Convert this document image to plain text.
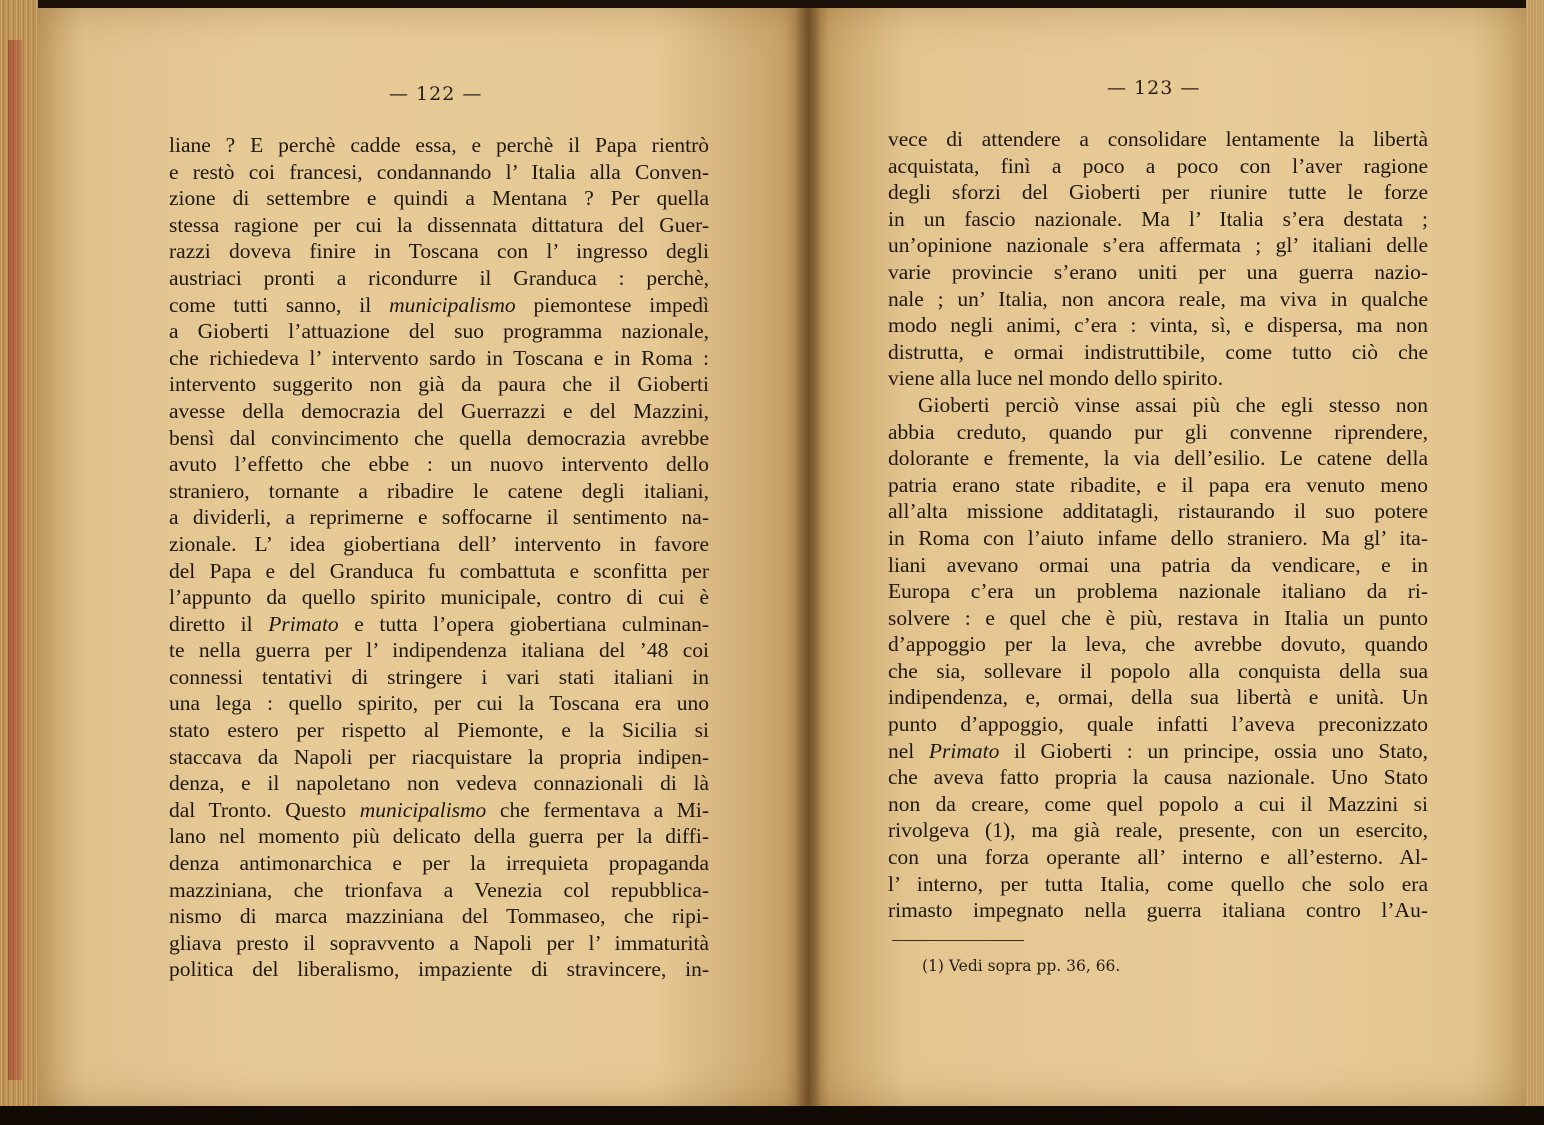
— 122 —
liane ? E perchè cadde essa, e perchè il Papa rientrò
e restò coi francesi, condannando l’ Italia alla Conven-
zione di settembre e quindi a Mentana ? Per quella
stessa ragione per cui la dissennata dittatura del Guer-
razzi doveva finire in Toscana con l’ ingresso degli
austriaci pronti a ricondurre il Granduca : perchè,
come tutti sanno, il municipalismo piemontese impedì
a Gioberti l’attuazione del suo programma nazionale,
che richiedeva l’ intervento sardo in Toscana e in Roma :
intervento suggerito non già da paura che il Gioberti
avesse della democrazia del Guerrazzi e del Mazzini,
bensì dal convincimento che quella democrazia avrebbe
avuto l’effetto che ebbe : un nuovo intervento dello
straniero, tornante a ribadire le catene degli italiani,
a dividerli, a reprimerne e soffocarne il sentimento na-
zionale. L’ idea giobertiana dell’ intervento in favore
del Papa e del Granduca fu combattuta e sconfitta per
l’appunto da quello spirito municipale, contro di cui è
diretto il Primato e tutta l’opera giobertiana culminan-
te nella guerra per l’ indipendenza italiana del ’48 coi
connessi tentativi di stringere i vari stati italiani in
una lega : quello spirito, per cui la Toscana era uno
stato estero per rispetto al Piemonte, e la Sicilia si
staccava da Napoli per riacquistare la propria indipen-
denza, e il napoletano non vedeva connazionali di là
dal Tronto. Questo municipalismo che fermentava a Mi-
lano nel momento più delicato della guerra per la diffi-
denza antimonarchica e per la irrequieta propaganda
mazziniana, che trionfava a Venezia col repubblica-
nismo di marca mazziniana del Tommaseo, che ripi-
gliava presto il sopravvento a Napoli per l’ immaturità
politica del liberalismo, impaziente di stravincere, in-
— 123 —
vece di attendere a consolidare lentamente la libertà
acquistata, finì a poco a poco con l’aver ragione
degli sforzi del Gioberti per riunire tutte le forze
in un fascio nazionale. Ma l’ Italia s’era destata ;
un’opinione nazionale s’era affermata ; gl’ italiani delle
varie provincie s’erano uniti per una guerra nazio-
nale ; un’ Italia, non ancora reale, ma viva in qualche
modo negli animi, c’era : vinta, sì, e dispersa, ma non
distrutta, e ormai indistruttibile, come tutto ciò che
viene alla luce nel mondo dello spirito.
Gioberti perciò vinse assai più che egli stesso non
abbia creduto, quando pur gli convenne riprendere,
dolorante e fremente, la via dell’esilio. Le catene della
patria erano state ribadite, e il papa era venuto meno
all’alta missione additatagli, ristaurando il suo potere
in Roma con l’aiuto infame dello straniero. Ma gl’ ita-
liani avevano ormai una patria da vendicare, e in
Europa c’era un problema nazionale italiano da ri-
solvere : e quel che è più, restava in Italia un punto
d’appoggio per la leva, che avrebbe dovuto, quando
che sia, sollevare il popolo alla conquista della sua
indipendenza, e, ormai, della sua libertà e unità. Un
punto d’appoggio, quale infatti l’aveva preconizzato
nel Primato il Gioberti : un principe, ossia uno Stato,
che aveva fatto propria la causa nazionale. Uno Stato
non da creare, come quel popolo a cui il Mazzini si
rivolgeva (1), ma già reale, presente, con un esercito,
con una forza operante all’ interno e all’esterno. Al-
l’ interno, per tutta Italia, come quello che solo era
rimasto impegnato nella guerra italiana contro l’Au-
(1) Vedi sopra pp. 36, 66.
